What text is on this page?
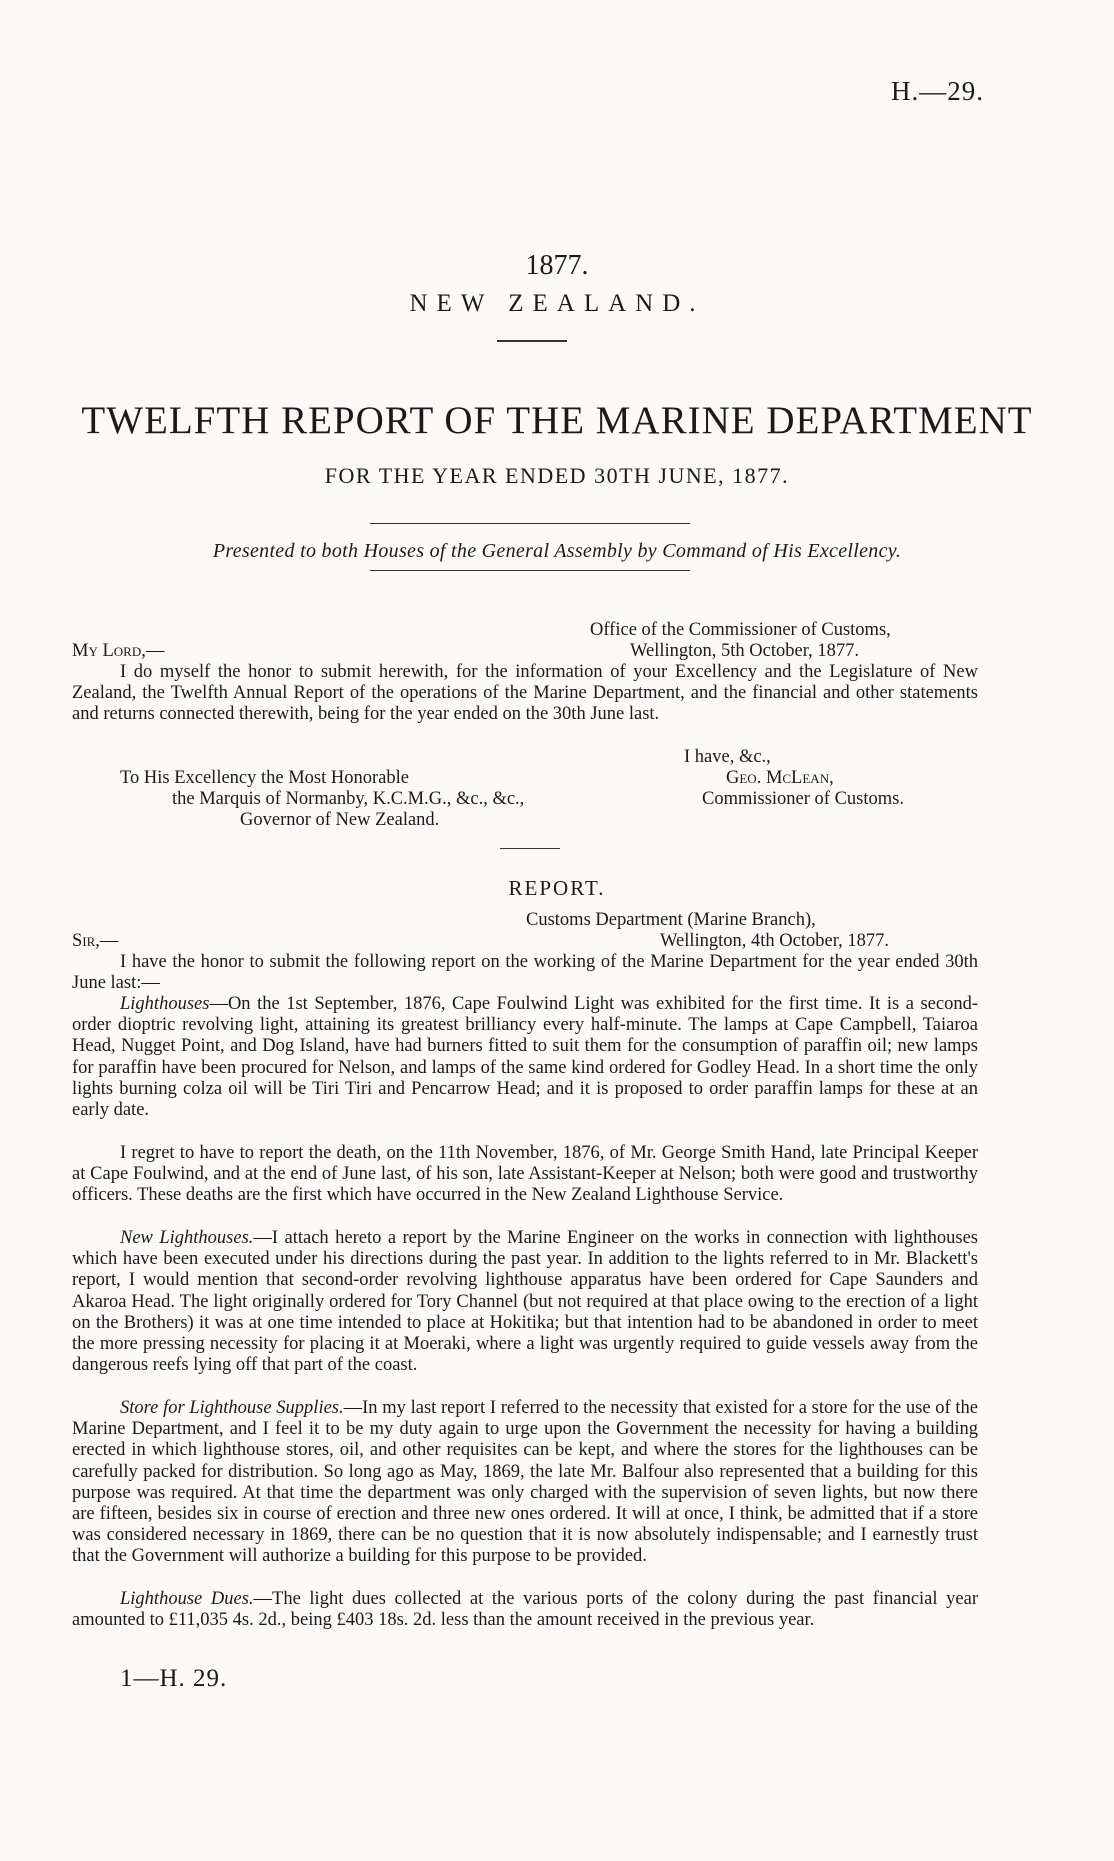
H.—29.
1877.
NEW ZEALAND.
TWELFTH REPORT OF THE MARINE DEPARTMENT
FOR THE YEAR ENDED 30TH JUNE, 1877.
Presented to both Houses of the General Assembly by Command of His Excellency.
Office of the Commissioner of Customs,
Wellington, 5th October, 1877.
My Lord,—
I do myself the honor to submit herewith, for the information of your Excellency and the Legislature of New Zealand, the Twelfth Annual Report of the operations of the Marine Department, and the financial and other statements and returns connected therewith, being for the year ended on the 30th June last.
I have, &c.,
Geo. McLean,
Commissioner of Customs.
To His Excellency the Most Honorable
the Marquis of Normanby, K.C.M.G., &c., &c.,
Governor of New Zealand.
REPORT.
Customs Department (Marine Branch),
Wellington, 4th October, 1877.
Sir,—
I have the honor to submit the following report on the working of the Marine Department for the year ended 30th June last:—
Lighthouses—On the 1st September, 1876, Cape Foulwind Light was exhibited for the first time. It is a second-order dioptric revolving light, attaining its greatest brilliancy every half-minute. The lamps at Cape Campbell, Taiaroa Head, Nugget Point, and Dog Island, have had burners fitted to suit them for the consumption of paraffin oil; new lamps for paraffin have been procured for Nelson, and lamps of the same kind ordered for Godley Head. In a short time the only lights burning colza oil will be Tiri Tiri and Pencarrow Head; and it is proposed to order paraffin lamps for these at an early date.
I regret to have to report the death, on the 11th November, 1876, of Mr. George Smith Hand, late Principal Keeper at Cape Foulwind, and at the end of June last, of his son, late Assistant-Keeper at Nelson; both were good and trustworthy officers. These deaths are the first which have occurred in the New Zealand Lighthouse Service.
New Lighthouses.—I attach hereto a report by the Marine Engineer on the works in connection with lighthouses which have been executed under his directions during the past year. In addition to the lights referred to in Mr. Blackett's report, I would mention that second-order revolving lighthouse apparatus have been ordered for Cape Saunders and Akaroa Head. The light originally ordered for Tory Channel (but not required at that place owing to the erection of a light on the Brothers) it was at one time intended to place at Hokitika; but that intention had to be abandoned in order to meet the more pressing necessity for placing it at Moeraki, where a light was urgently required to guide vessels away from the dangerous reefs lying off that part of the coast.
Store for Lighthouse Supplies.—In my last report I referred to the necessity that existed for a store for the use of the Marine Department, and I feel it to be my duty again to urge upon the Government the necessity for having a building erected in which lighthouse stores, oil, and other requisites can be kept, and where the stores for the lighthouses can be carefully packed for distribution. So long ago as May, 1869, the late Mr. Balfour also represented that a building for this purpose was required. At that time the department was only charged with the supervision of seven lights, but now there are fifteen, besides six in course of erection and three new ones ordered. It will at once, I think, be admitted that if a store was considered necessary in 1869, there can be no question that it is now absolutely indispensable; and I earnestly trust that the Government will authorize a building for this purpose to be provided.
Lighthouse Dues.—The light dues collected at the various ports of the colony during the past financial year amounted to £11,035 4s. 2d., being £403 18s. 2d. less than the amount received in the previous year.
1—H. 29.
